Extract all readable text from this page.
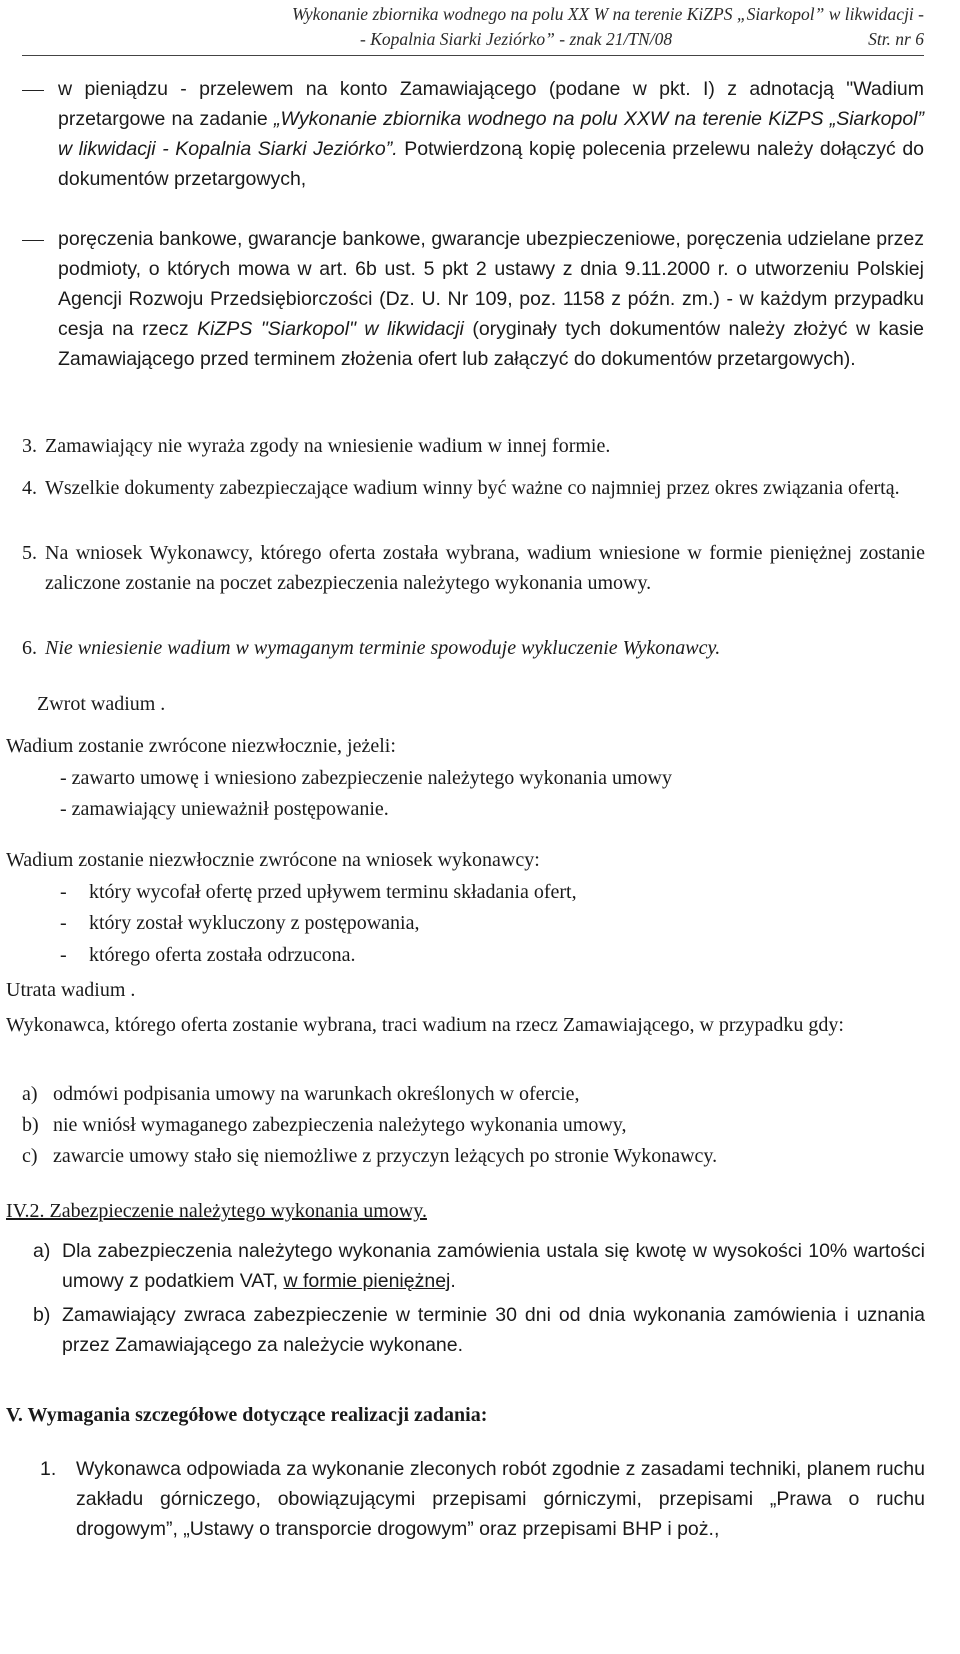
Wykonanie zbiornika wodnego na polu XX W na terenie KiZPS „Siarkopol” w likwidacji -
- Kopalnia Siarki Jeziórko” - znak 21/TN/08	Str. nr 6
w pieniądzu - przelewem na konto Zamawiającego (podane w pkt. I) z adnotacją "Wadium przetargowe na zadanie „Wykonanie zbiornika wodnego na polu XXW na terenie KiZPS „Siarkopol” w likwidacji - Kopalnia Siarki Jeziórko”. Potwierdzoną kopię polecenia przelewu należy dołączyć do dokumentów przetargowych,
poręczenia bankowe, gwarancje bankowe, gwarancje ubezpieczeniowe, poręczenia udzielane przez podmioty, o których mowa w art. 6b ust. 5 pkt 2 ustawy z dnia 9.11.2000 r. o utworzeniu Polskiej Agencji Rozwoju Przedsiębiorczości (Dz. U. Nr 109, poz. 1158 z późn. zm.) - w każdym przypadku cesja na rzecz KiZPS "Siarkopol" w likwidacji (oryginały tych dokumentów należy złożyć w kasie Zamawiającego przed terminem złożenia ofert lub załączyć do dokumentów przetargowych).
3. Zamawiający nie wyraża zgody na wniesienie wadium w innej formie.
4. Wszelkie dokumenty zabezpieczające wadium winny być ważne co najmniej przez okres związania ofertą.
5. Na wniosek Wykonawcy, którego oferta została wybrana, wadium wniesione w formie pieniężnej zostanie zaliczone zostanie na poczet zabezpieczenia należytego wykonania umowy.
6. Nie wniesienie wadium w wymaganym terminie spowoduje wykluczenie Wykonawcy.
Zwrot wadium .
Wadium zostanie zwrócone niezwłocznie, jeżeli:
- zawarto umowę i wniesiono zabezpieczenie należytego wykonania umowy
- zamawiający unieważnił postępowanie.
Wadium zostanie niezwłocznie zwrócone na wniosek wykonawcy:
- który wycofał ofertę przed upływem terminu składania ofert,
- który został wykluczony z postępowania,
- którego oferta została odrzucona.
Utrata wadium .
Wykonawca, którego oferta zostanie wybrana, traci wadium na rzecz Zamawiającego, w przypadku gdy:
a) odmówi podpisania umowy na warunkach określonych w ofercie,
b) nie wniósł wymaganego zabezpieczenia należytego wykonania umowy,
c) zawarcie umowy stało się niemożliwe z przyczyn leżących po stronie Wykonawcy.
IV.2. Zabezpieczenie należytego wykonania umowy.
a) Dla zabezpieczenia należytego wykonania zamówienia ustala się kwotę w wysokości 10% wartości umowy z podatkiem VAT, w formie pieniężnej.
b) Zamawiający zwraca zabezpieczenie w terminie 30 dni od dnia wykonania zamówienia i uznania przez Zamawiającego za należycie wykonane.
V. Wymagania szczegółowe dotyczące realizacji zadania:
1. Wykonawca odpowiada za wykonanie zleconych robót zgodnie z zasadami techniki, planem ruchu zakładu górniczego, obowiązującymi przepisami górniczymi, przepisami „Prawa o ruchu drogowym”, „Ustawy o transporcie drogowym” oraz przepisami BHP i poż.,
